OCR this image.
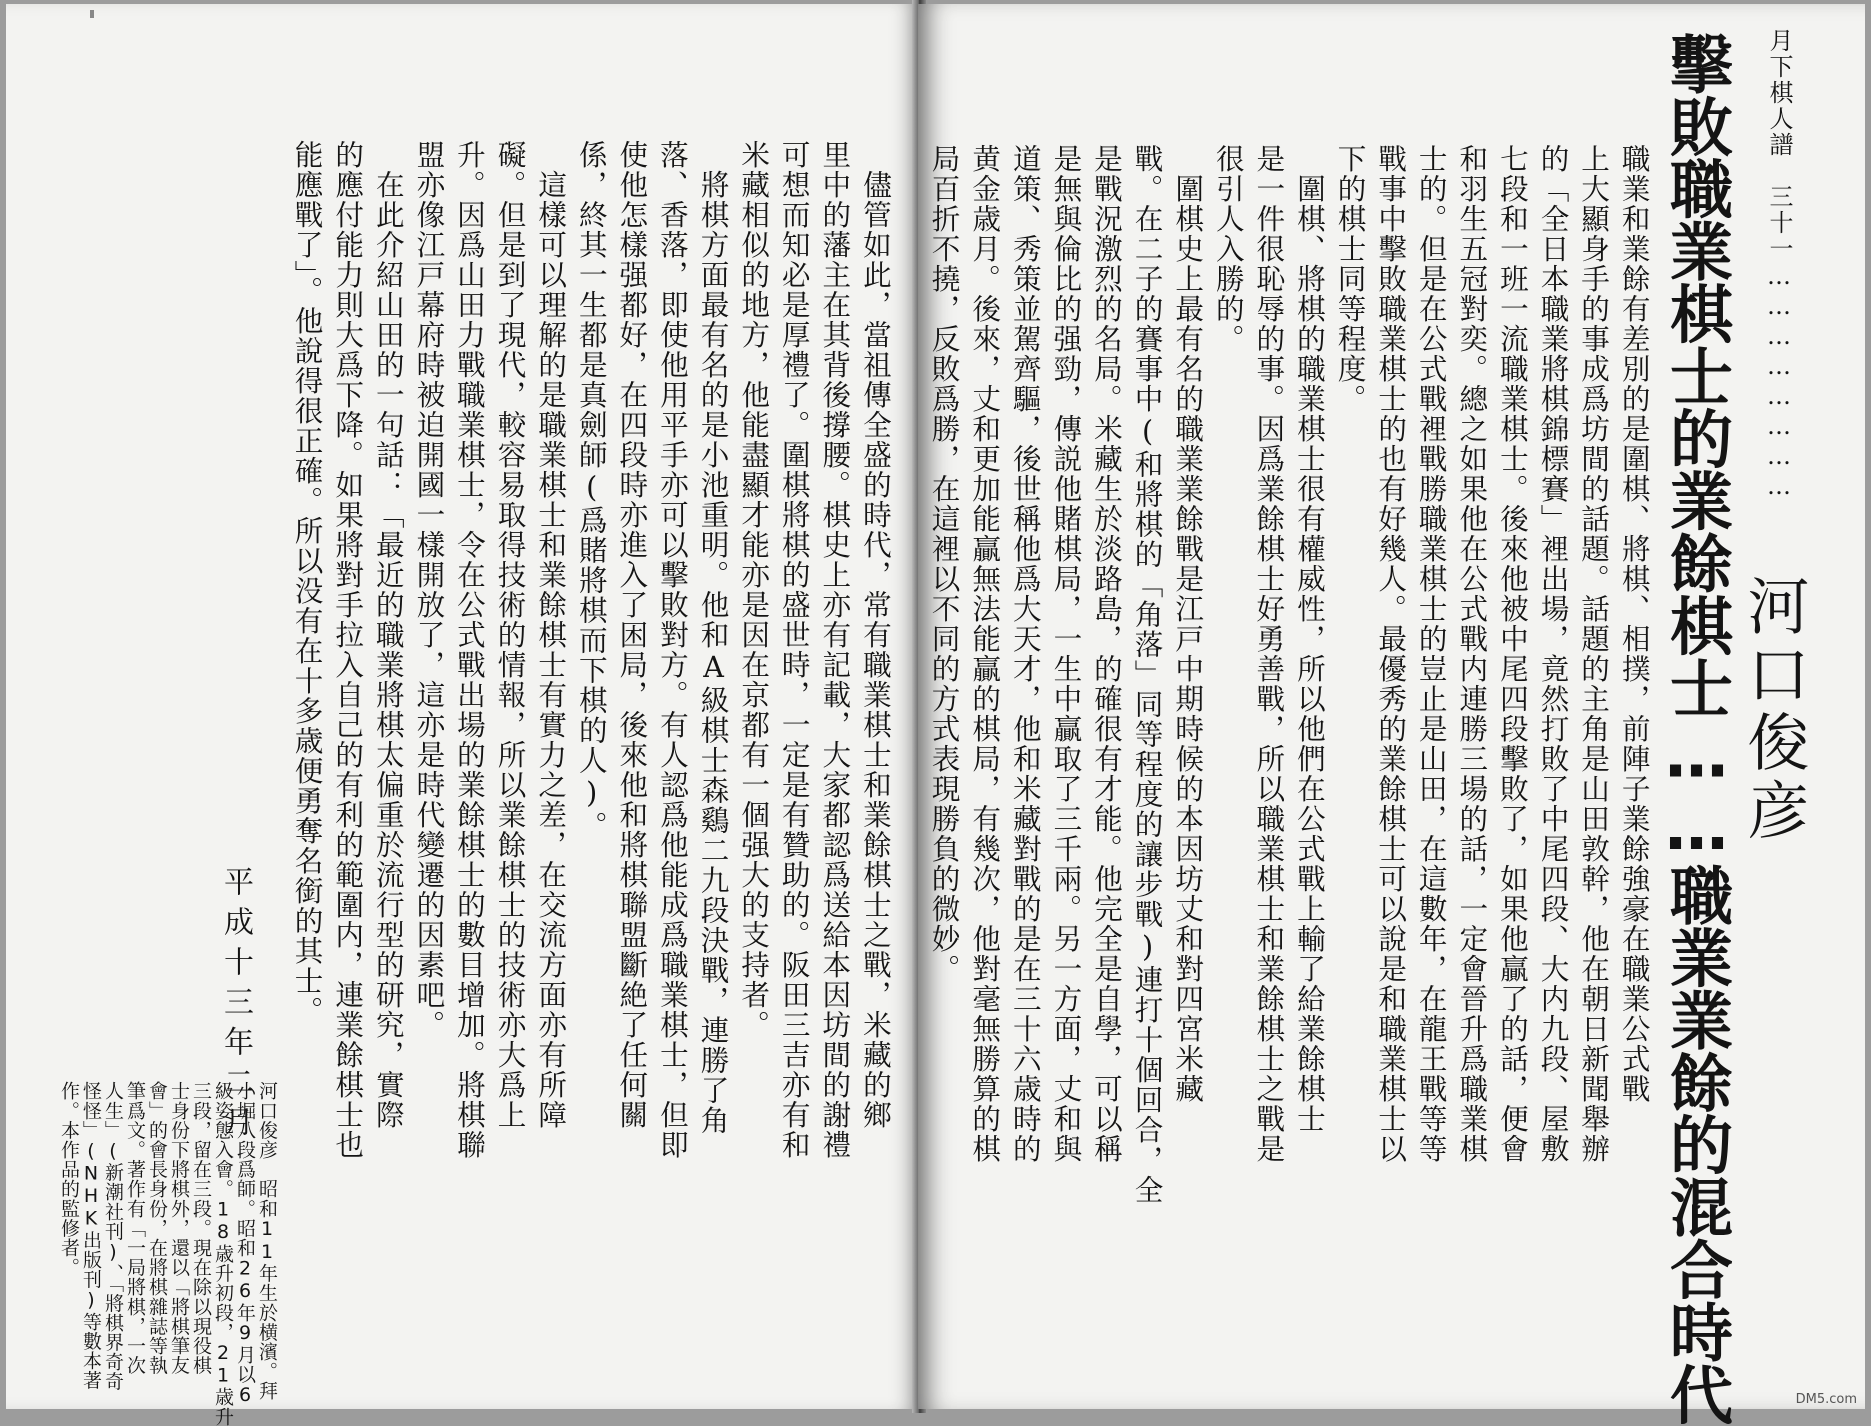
　儘管如此，當祖傳全盛的時代，常有職業棋士和業餘棋士之戰，米藏的鄉
里中的藩主在其背後撐腰。棋史上亦有記載，大家都認爲送給本因坊間的謝禮
可想而知必是厚禮了。圍棋將棋的盛世時，一定是有贊助的。阪田三吉亦有和
米藏相似的地方，他能盡顯才能亦是因在京都有一個强大的支持者。
　將棋方面最有名的是小池重明。他和A級棋士森鷄二九段決戰，連勝了角
落、香落，即使他用平手亦可以擊敗對方。有人認爲他能成爲職業棋士，但即
使他怎樣强都好，在四段時亦進入了困局，後來他和將棋聯盟斷絶了任何關
係，終其一生都是真劍師(爲賭將棋而下棋的人)。
　這樣可以理解的是職業棋士和業餘棋士有實力之差，在交流方面亦有所障
礙。但是到了現代，較容易取得技術的情報，所以業餘棋士的技術亦大爲上
升。因爲山田力戰職業棋士，令在公式戰出場的業餘棋士的數目增加。將棋聯
盟亦像江戸幕府時被迫開國一樣開放了，這亦是時代變遷的因素吧。
　在此介紹山田的一句話：「最近的職業將棋太偏重於流行型的研究，實際
的應付能力則大爲下降。如果將對手拉入自己的有利的範圍内，連業餘棋士也
能應戰了」。他說得很正確。所以没有在十多歳便勇奪名銜的其士。

平成十三年二月

河口俊彦　昭和11年生於横濱。拜
小堀八段爲師。昭和26年9月以6
級姿態入會。18歳升初段，21歳升
三段，留在三段。現在除以現役棋
士身份下將棋外，還以「將棋筆友
會」的會長身份，在將棋雜誌等執
筆爲文。著作有「一局將棋，一次
人生」(新潮社刊)、「將棋界奇奇
怪怪」(NHK出版刊)等數本著
作。本作品的監修者。

月下棋人譜　三十一……………………

河口俊彦

擊敗職業棋士的業餘棋士……職業業餘的混合時代

職業和業餘有差別的是圍棋、將棋、相撲，前陣子業餘強豪在職業公式戰
上大顯身手的事成爲坊間的話題。話題的主角是山田敦幹，他在朝日新聞舉辦
的「全日本職業將棋錦標賽」裡出場，竟然打敗了中尾四段、大内九段、屋敷
七段和一班一流職業棋士。後來他被中尾四段擊敗了，如果他贏了的話，便會
和羽生五冠對奕。總之如果他在公式戰内連勝三場的話，一定會晉升爲職業棋
士的。但是在公式戰裡戰勝職業棋士的豈止是山田，在這數年，在龍王戰等等
戰事中擊敗職業棋士的也有好幾人。最優秀的業餘棋士可以說是和職業棋士以
下的棋士同等程度。
　圍棋、將棋的職業棋士很有權威性，所以他們在公式戰上輸了給業餘棋士
是一件很恥辱的事。因爲業餘棋士好勇善戰，所以職業棋士和業餘棋士之戰是
很引人入勝的。
　圍棋史上最有名的職業業餘戰是江戸中期時候的本因坊丈和對四宮米藏
戰。在二子的賽事中(和將棋的「角落」同等程度的讓步戰)連打十個回合，全
是戰況激烈的名局。米藏生於淡路島，的確很有才能。他完全是自學，可以稱
是無與倫比的强勁，傳説他賭棋局，一生中贏取了三千兩。另一方面，丈和與
道策、秀策並駕齊驅，後世稱他爲大天才，他和米藏對戰的是在三十六歳時的
黄金歳月。後來，丈和更加能贏無法能贏的棋局，有幾次，他對毫無勝算的棋
局百折不撓，反敗爲勝，在這裡以不同的方式表現勝負的微妙。

DM5.com
